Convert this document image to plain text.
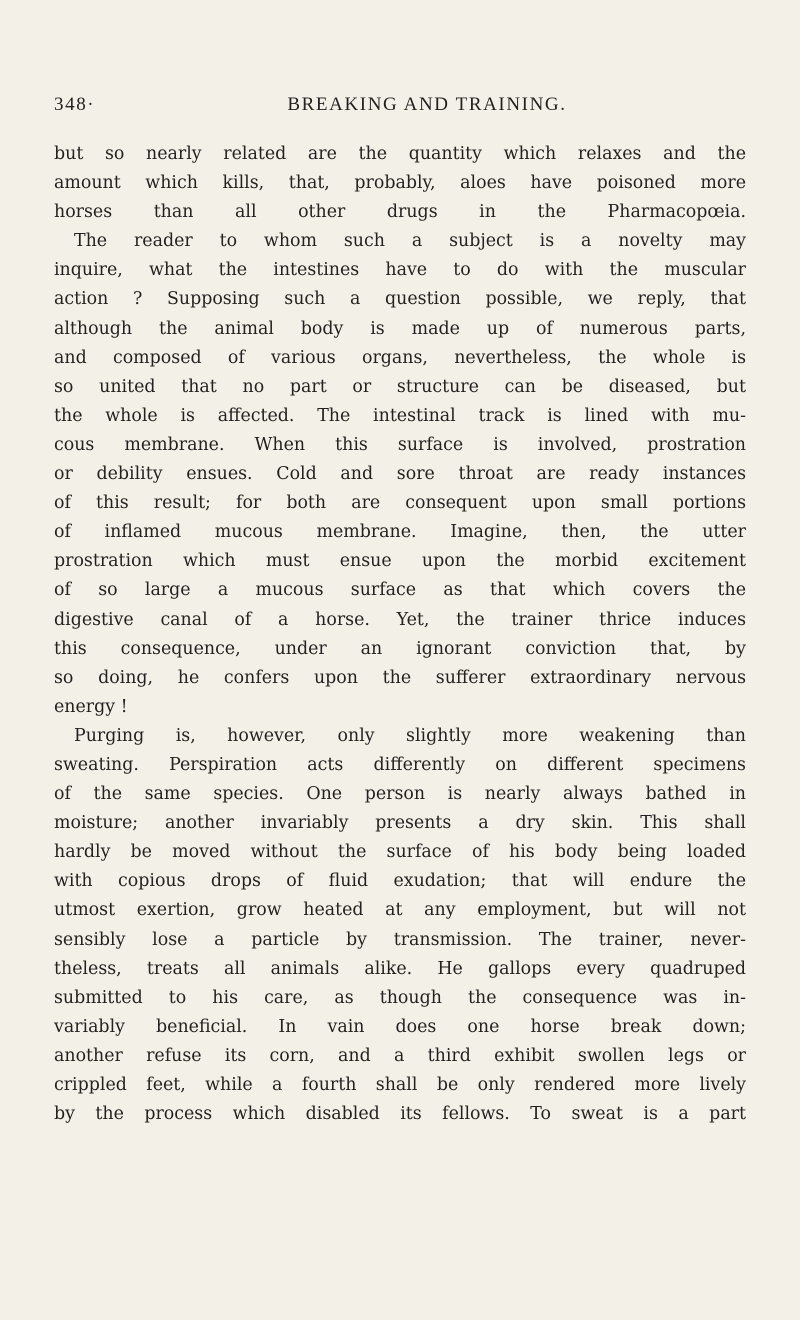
348·	BREAKING AND TRAINING.
but so nearly related are the quantity which relaxes and the
amount which kills, that, probably, aloes have poisoned more
horses than all other drugs in the Pharmacopœia.
The reader to whom such a subject is a novelty may
inquire, what the intestines have to do with the muscular
action ? Supposing such a question possible, we reply, that
although the animal body is made up of numerous parts,
and composed of various organs, nevertheless, the whole is
so united that no part or structure can be diseased, but
the whole is affected. The intestinal track is lined with mu-
cous membrane. When this surface is involved, prostration
or debility ensues. Cold and sore throat are ready instances
of this result; for both are consequent upon small portions
of inflamed mucous membrane. Imagine, then, the utter
prostration which must ensue upon the morbid excitement
of so large a mucous surface as that which covers the
digestive canal of a horse. Yet, the trainer thrice induces
this consequence, under an ignorant conviction that, by
so doing, he confers upon the sufferer extraordinary nervous
energy !
Purging is, however, only slightly more weakening than
sweating. Perspiration acts differently on different specimens
of the same species. One person is nearly always bathed in
moisture; another invariably presents a dry skin. This shall
hardly be moved without the surface of his body being loaded
with copious drops of fluid exudation; that will endure the
utmost exertion, grow heated at any employment, but will not
sensibly lose a particle by transmission. The trainer, never-
theless, treats all animals alike. He gallops every quadruped
submitted to his care, as though the consequence was in-
variably beneficial. In vain does one horse break down;
another refuse its corn, and a third exhibit swollen legs or
crippled feet, while a fourth shall be only rendered more lively
by the process which disabled its fellows. To sweat is a part
